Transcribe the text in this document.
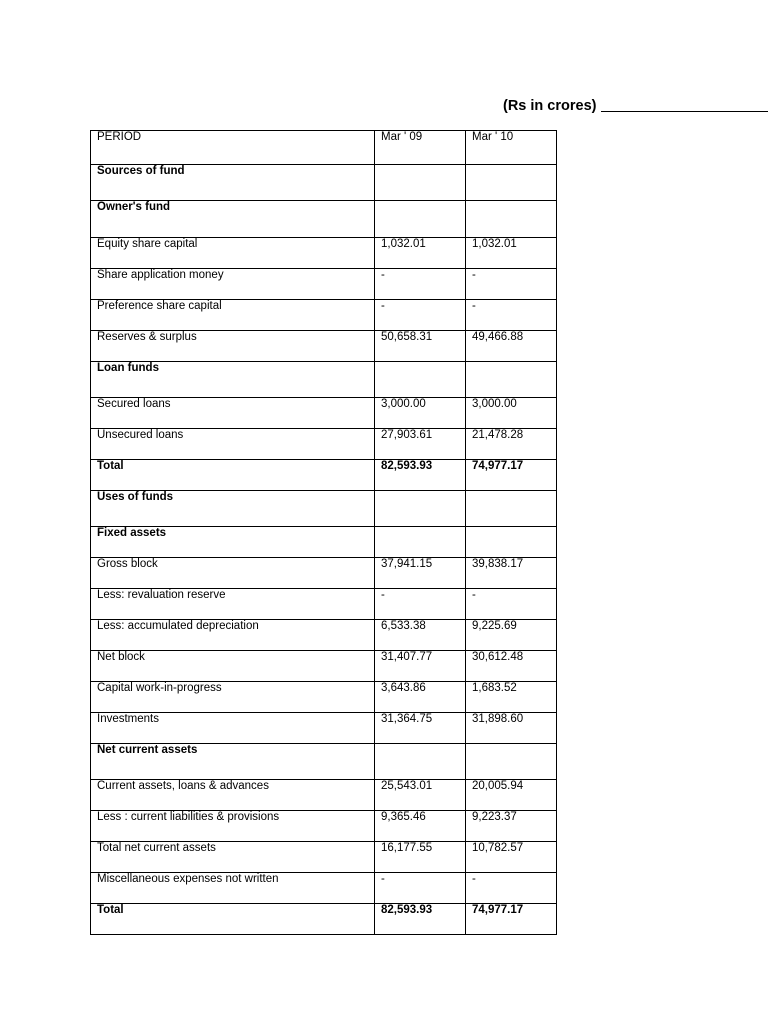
(Rs in crores)
PERIOD	Mar ' 09	Mar ' 10
Sources of fund		
Owner's fund		
Equity share capital	1,032.01	1,032.01
Share application money	-	-
Preference share capital	-	-
Reserves & surplus	50,658.31	49,466.88
Loan funds		
Secured loans	3,000.00	3,000.00
Unsecured loans	27,903.61	21,478.28
Total	82,593.93	74,977.17
Uses of funds		
Fixed assets		
Gross block	37,941.15	39,838.17
Less: revaluation reserve	-	-
Less: accumulated depreciation	6,533.38	9,225.69
Net block	31,407.77	30,612.48
Capital work-in-progress	3,643.86	1,683.52
Investments	31,364.75	31,898.60
Net current assets		
Current assets, loans & advances	25,543.01	20,005.94
Less : current liabilities & provisions	9,365.46	9,223.37
Total net current assets	16,177.55	10,782.57
Miscellaneous expenses not written	-	-
Total	82,593.93	74,977.17
